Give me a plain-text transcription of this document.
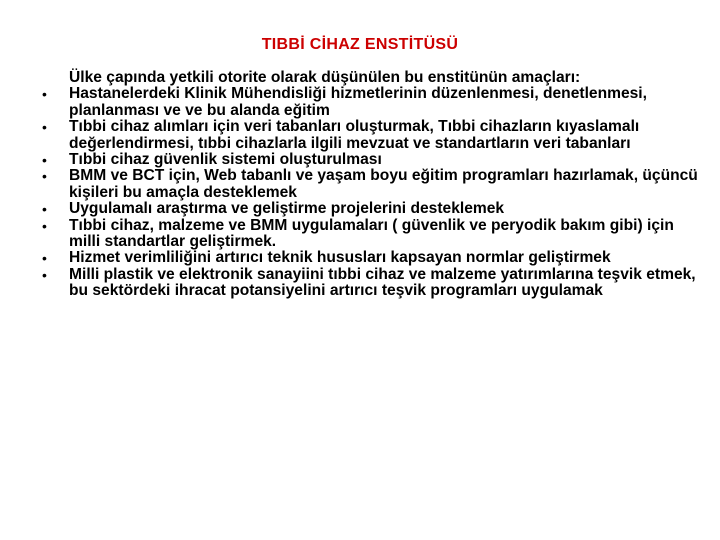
TIBBİ CİHAZ ENSTİTÜSÜ

Ülke çapında yetkili otorite olarak düşünülen bu enstitünün amaçları:

• Hastanelerdeki Klinik Mühendisliği hizmetlerinin düzenlenmesi, denetlenmesi, planlanması ve ve bu alanda eğitim
• Tıbbi cihaz alımları için veri tabanları oluşturmak, Tıbbi cihazların kıyaslamalı değerlendirmesi, tıbbi cihazlarla ilgili mevzuat ve standartların veri tabanları
• Tıbbi cihaz güvenlik sistemi oluşturulması
• BMM ve BCT için, Web tabanlı ve yaşam boyu eğitim programları hazırlamak, üçüncü kişileri bu amaçla desteklemek
• Uygulamalı araştırma ve geliştirme projelerini desteklemek
• Tıbbi cihaz, malzeme ve BMM uygulamaları ( güvenlik ve peryodik bakım gibi) için milli standartlar geliştirmek.
• Hizmet verimliliğini artırıcı teknik hususları kapsayan normlar geliştirmek
• Milli plastik ve elektronik sanayiini tıbbi cihaz ve malzeme yatırımlarına teşvik etmek, bu sektördeki ihracat potansiyelini artırıcı teşvik programları uygulamak
